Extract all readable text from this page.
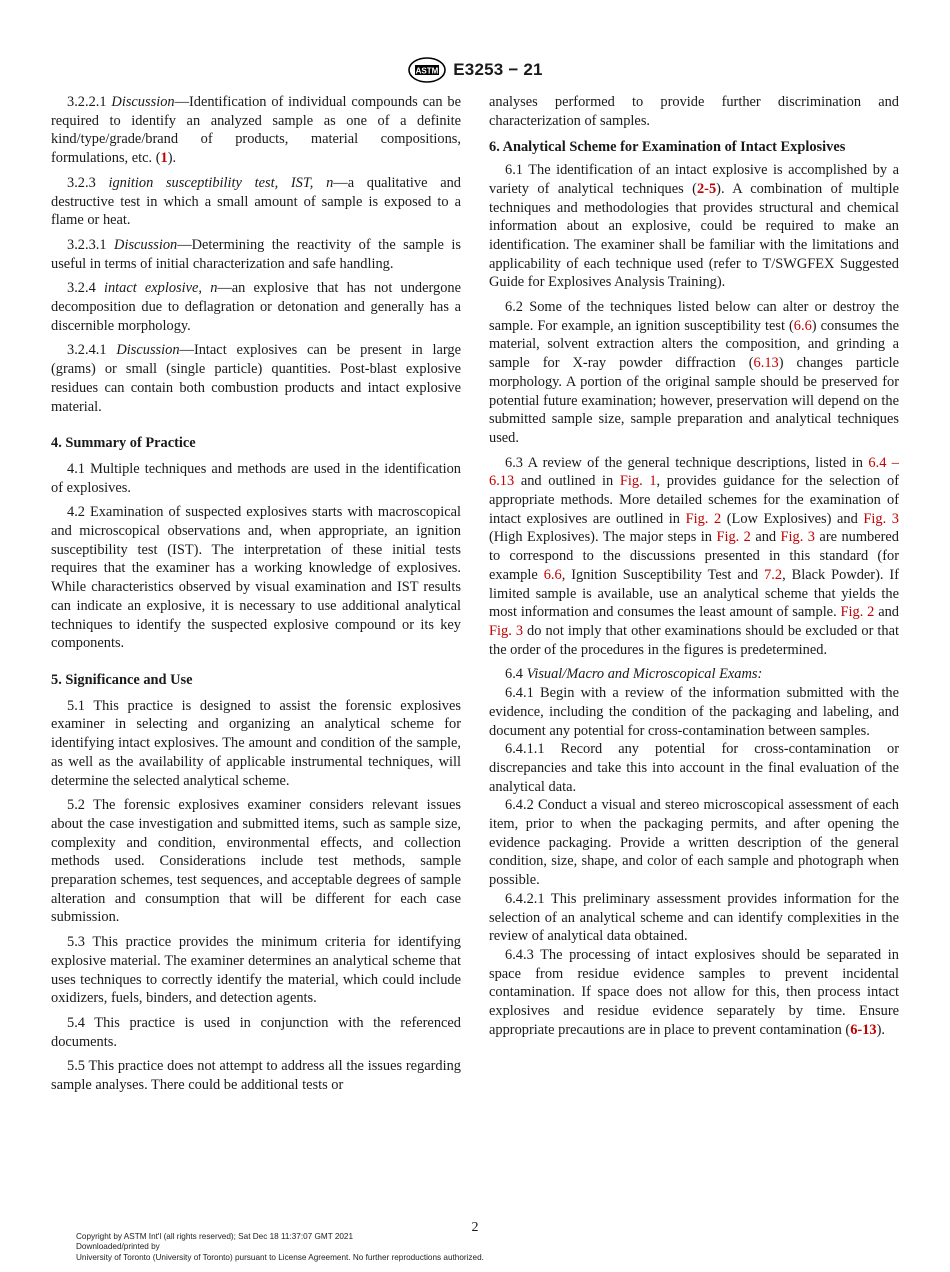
ASTM E3253 − 21

3.2.2.1 Discussion—Identification of individual compounds can be required to identify an analyzed sample as one of a definite kind/type/grade/brand of products, material compositions, formulations, etc. (1).

3.2.3 ignition susceptibility test, IST, n—a qualitative and destructive test in which a small amount of sample is exposed to a flame or heat.

3.2.3.1 Discussion—Determining the reactivity of the sample is useful in terms of initial characterization and safe handling.

3.2.4 intact explosive, n—an explosive that has not undergone decomposition due to deflagration or detonation and generally has a discernible morphology.

3.2.4.1 Discussion—Intact explosives can be present in large (grams) or small (single particle) quantities. Post-blast explosive residues can contain both combustion products and intact explosive material.

4. Summary of Practice

4.1 Multiple techniques and methods are used in the identification of explosives.

4.2 Examination of suspected explosives starts with macroscopical and microscopical observations and, when appropriate, an ignition susceptibility test (IST). The interpretation of these initial tests requires that the examiner has a working knowledge of explosives. While characteristics observed by visual examination and IST results can indicate an explosive, it is necessary to use additional analytical techniques to identify the suspected explosive compound or its key components.

5. Significance and Use

5.1 This practice is designed to assist the forensic explosives examiner in selecting and organizing an analytical scheme for identifying intact explosives. The amount and condition of the sample, as well as the availability of applicable instrumental techniques, will determine the selected analytical scheme.

5.2 The forensic explosives examiner considers relevant issues about the case investigation and submitted items, such as sample size, complexity and condition, environmental effects, and collection methods used. Considerations include test methods, sample preparation schemes, test sequences, and acceptable degrees of sample alteration and consumption that will be different for each case submission.

5.3 This practice provides the minimum criteria for identifying explosive material. The examiner determines an analytical scheme that uses techniques to correctly identify the material, which could include oxidizers, fuels, binders, and detection agents.

5.4 This practice is used in conjunction with the referenced documents.

5.5 This practice does not attempt to address all the issues regarding sample analyses. There could be additional tests or

analyses performed to provide further discrimination and characterization of samples.

6. Analytical Scheme for Examination of Intact Explosives

6.1 The identification of an intact explosive is accomplished by a variety of analytical techniques (2-5). A combination of multiple techniques and methodologies that provides structural and chemical information about an explosive, could be required to make an identification. The examiner shall be familiar with the limitations and applicability of each technique used (refer to T/SWGFEX Suggested Guide for Explosives Analysis Training).

6.2 Some of the techniques listed below can alter or destroy the sample. For example, an ignition susceptibility test (6.6) consumes the material, solvent extraction alters the composition, and grinding a sample for X-ray powder diffraction (6.13) changes particle morphology. A portion of the original sample should be preserved for potential future examination; however, preservation will depend on the submitted sample size, sample preparation and analytical techniques used.

6.3 A review of the general technique descriptions, listed in 6.4 – 6.13 and outlined in Fig. 1, provides guidance for the selection of appropriate methods. More detailed schemes for the examination of intact explosives are outlined in Fig. 2 (Low Explosives) and Fig. 3 (High Explosives). The major steps in Fig. 2 and Fig. 3 are numbered to correspond to the discussions presented in this standard (for example 6.6, Ignition Susceptibility Test and 7.2, Black Powder). If limited sample is available, use an analytical scheme that yields the most information and consumes the least amount of sample. Fig. 2 and Fig. 3 do not imply that other examinations should be excluded or that the order of the procedures in the figures is predetermined.

6.4 Visual/Macro and Microscopical Exams:

6.4.1 Begin with a review of the information submitted with the evidence, including the condition of the packaging and labeling, and document any potential for cross-contamination between samples.

6.4.1.1 Record any potential for cross-contamination or discrepancies and take this into account in the final evaluation of the analytical data.

6.4.2 Conduct a visual and stereo microscopical assessment of each item, prior to when the packaging permits, and after opening the evidence packaging. Provide a written description of the general condition, size, shape, and color of each sample and photograph when possible.

6.4.2.1 This preliminary assessment provides information for the selection of an analytical scheme and can identify complexities in the review of analytical data obtained.

6.4.3 The processing of intact explosives should be separated in space from residue evidence samples to prevent incidental contamination. If space does not allow for this, then process intact explosives and residue evidence separately by time. Ensure appropriate precautions are in place to prevent contamination (6-13).

2
Copyright by ASTM Int'l (all rights reserved); Sat Dec 18 11:37:07 GMT 2021
Downloaded/printed by
University of Toronto (University of Toronto) pursuant to License Agreement. No further reproductions authorized.
